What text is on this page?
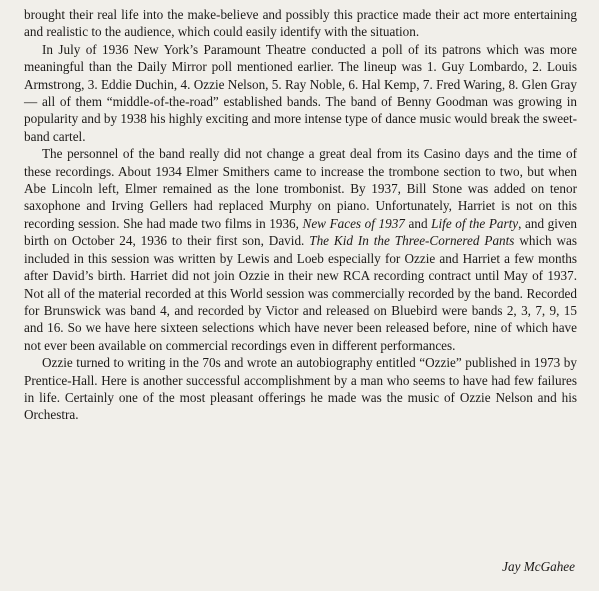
brought their real life into the make-believe and possibly this practice made their act more entertaining and realistic to the audience, which could easily identify with the situation.

In July of 1936 New York’s Paramount Theatre conducted a poll of its patrons which was more meaningful than the Daily Mirror poll mentioned earlier. The lineup was 1. Guy Lombardo, 2. Louis Armstrong, 3. Eddie Duchin, 4. Ozzie Nelson, 5. Ray Noble, 6. Hal Kemp, 7. Fred Waring, 8. Glen Gray — all of them “middle-of-the-road” established bands. The band of Benny Goodman was growing in popularity and by 1938 his highly exciting and more intense type of dance music would break the sweet-band cartel.

The personnel of the band really did not change a great deal from its Casino days and the time of these recordings. About 1934 Elmer Smithers came to increase the trombone section to two, but when Abe Lincoln left, Elmer remained as the lone trombonist. By 1937, Bill Stone was added on tenor saxophone and Irving Gellers had replaced Murphy on piano. Unfortunately, Harriet is not on this recording session. She had made two films in 1936, New Faces of 1937 and Life of the Party, and given birth on October 24, 1936 to their first son, David. The Kid In the Three-Cornered Pants which was included in this session was written by Lewis and Loeb especially for Ozzie and Harriet a few months after David’s birth. Harriet did not join Ozzie in their new RCA recording contract until May of 1937. Not all of the material recorded at this World session was commercially recorded by the band. Recorded for Brunswick was band 4, and recorded by Victor and released on Bluebird were bands 2, 3, 7, 9, 15 and 16. So we have here sixteen selections which have never been released before, nine of which have not ever been available on commercial recordings even in different performances.

Ozzie turned to writing in the 70s and wrote an autobiography entitled “Ozzie” published in 1973 by Prentice-Hall. Here is another successful accomplishment by a man who seems to have had few failures in life. Certainly one of the most pleasant offerings he made was the music of Ozzie Nelson and his Orchestra.

Jay McGahee
